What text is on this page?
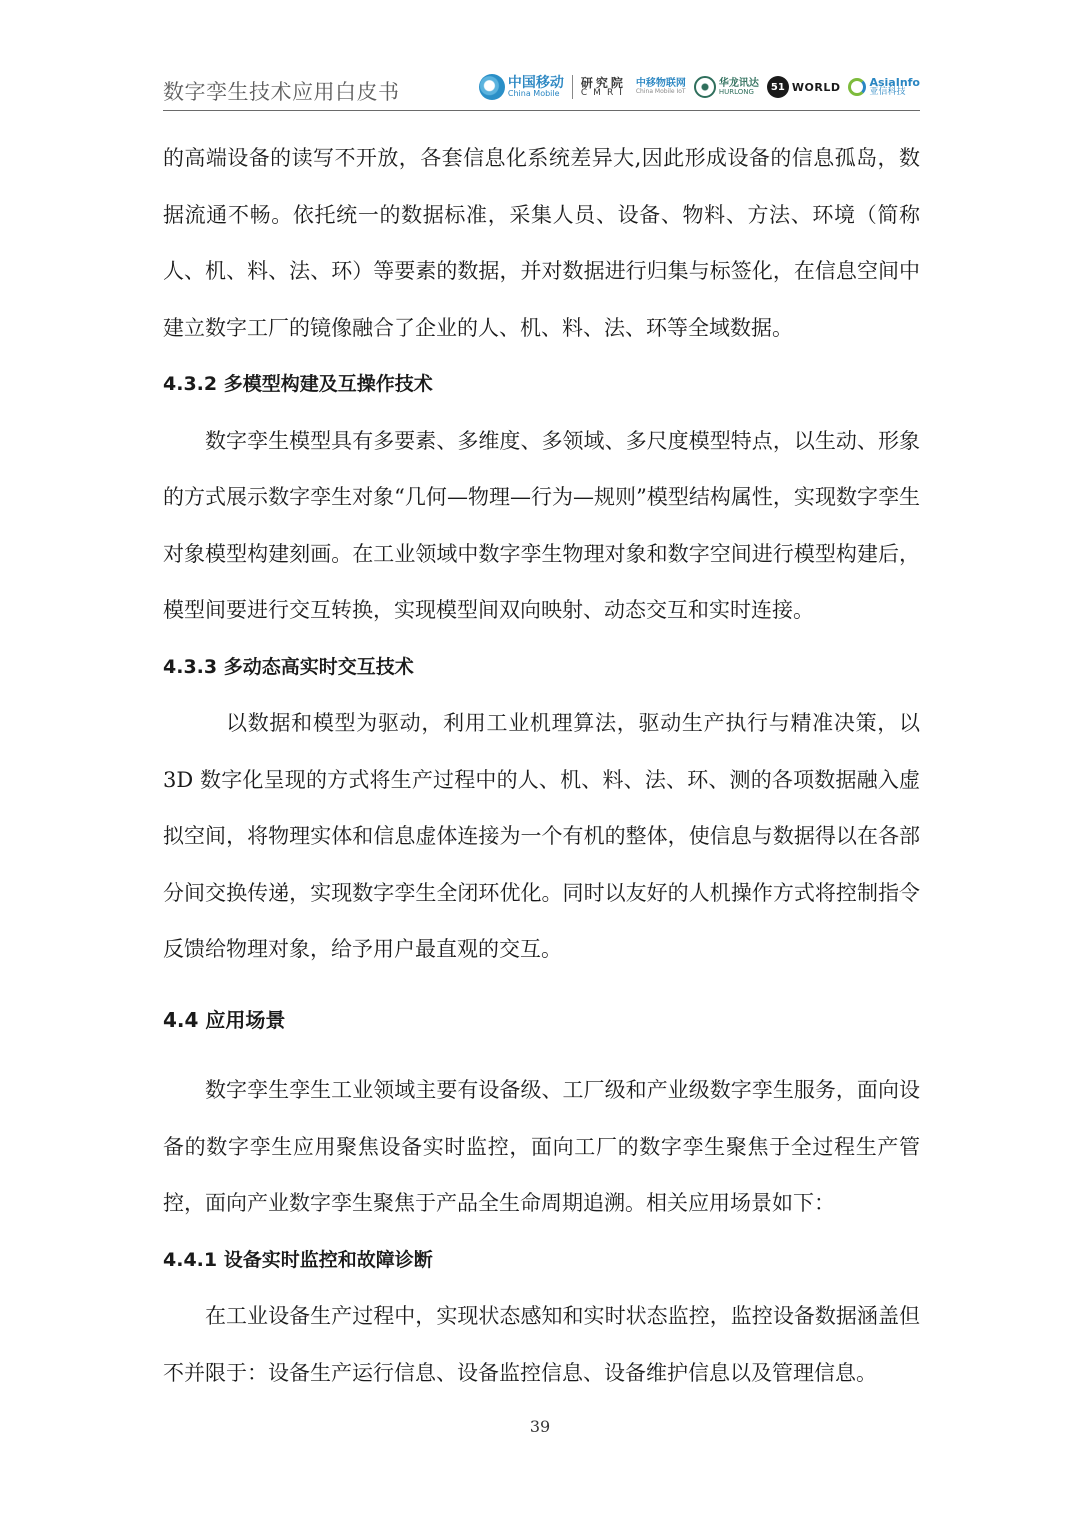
数字孪生技术应用白皮书	中国移动
China Mobile
研究院
CMRI
中移物联网
China Mobile IoT
华龙讯达
HURLONG	51 WORLD	AsiaInfo
亚信科技

的高端设备的读写不开放，各套信息化系统差异大,因此形成设备的信息孤岛，数据流通不畅。依托统一的数据标准，采集人员、设备、物料、方法、环境（简称人、机、料、法、环）等要素的数据，并对数据进行归集与标签化，在信息空间中建立数字工厂的镜像融合了企业的人、机、料、法、环等全域数据。

4.3.2 多模型构建及互操作技术

数字孪生模型具有多要素、多维度、多领域、多尺度模型特点，以生动、形象的方式展示数字孪生对象“几何—物理—行为—规则”模型结构属性，实现数字孪生对象模型构建刻画。在工业领域中数字孪生物理对象和数字空间进行模型构建后，模型间要进行交互转换，实现模型间双向映射、动态交互和实时连接。

4.3.3 多动态高实时交互技术

以数据和模型为驱动，利用工业机理算法，驱动生产执行与精准决策，以3D 数字化呈现的方式将生产过程中的人、机、料、法、环、测的各项数据融入虚拟空间，将物理实体和信息虚体连接为一个有机的整体，使信息与数据得以在各部分间交换传递，实现数字孪生全闭环优化。同时以友好的人机操作方式将控制指令反馈给物理对象，给予用户最直观的交互。

4.4 应用场景

数字孪生孪生工业领域主要有设备级、工厂级和产业级数字孪生服务，面向设备的数字孪生应用聚焦设备实时监控，面向工厂的数字孪生聚焦于全过程生产管控，面向产业数字孪生聚焦于产品全生命周期追溯。相关应用场景如下：

4.4.1 设备实时监控和故障诊断

在工业设备生产过程中，实现状态感知和实时状态监控，监控设备数据涵盖但不并限于：设备生产运行信息、设备监控信息、设备维护信息以及管理信息。

39
